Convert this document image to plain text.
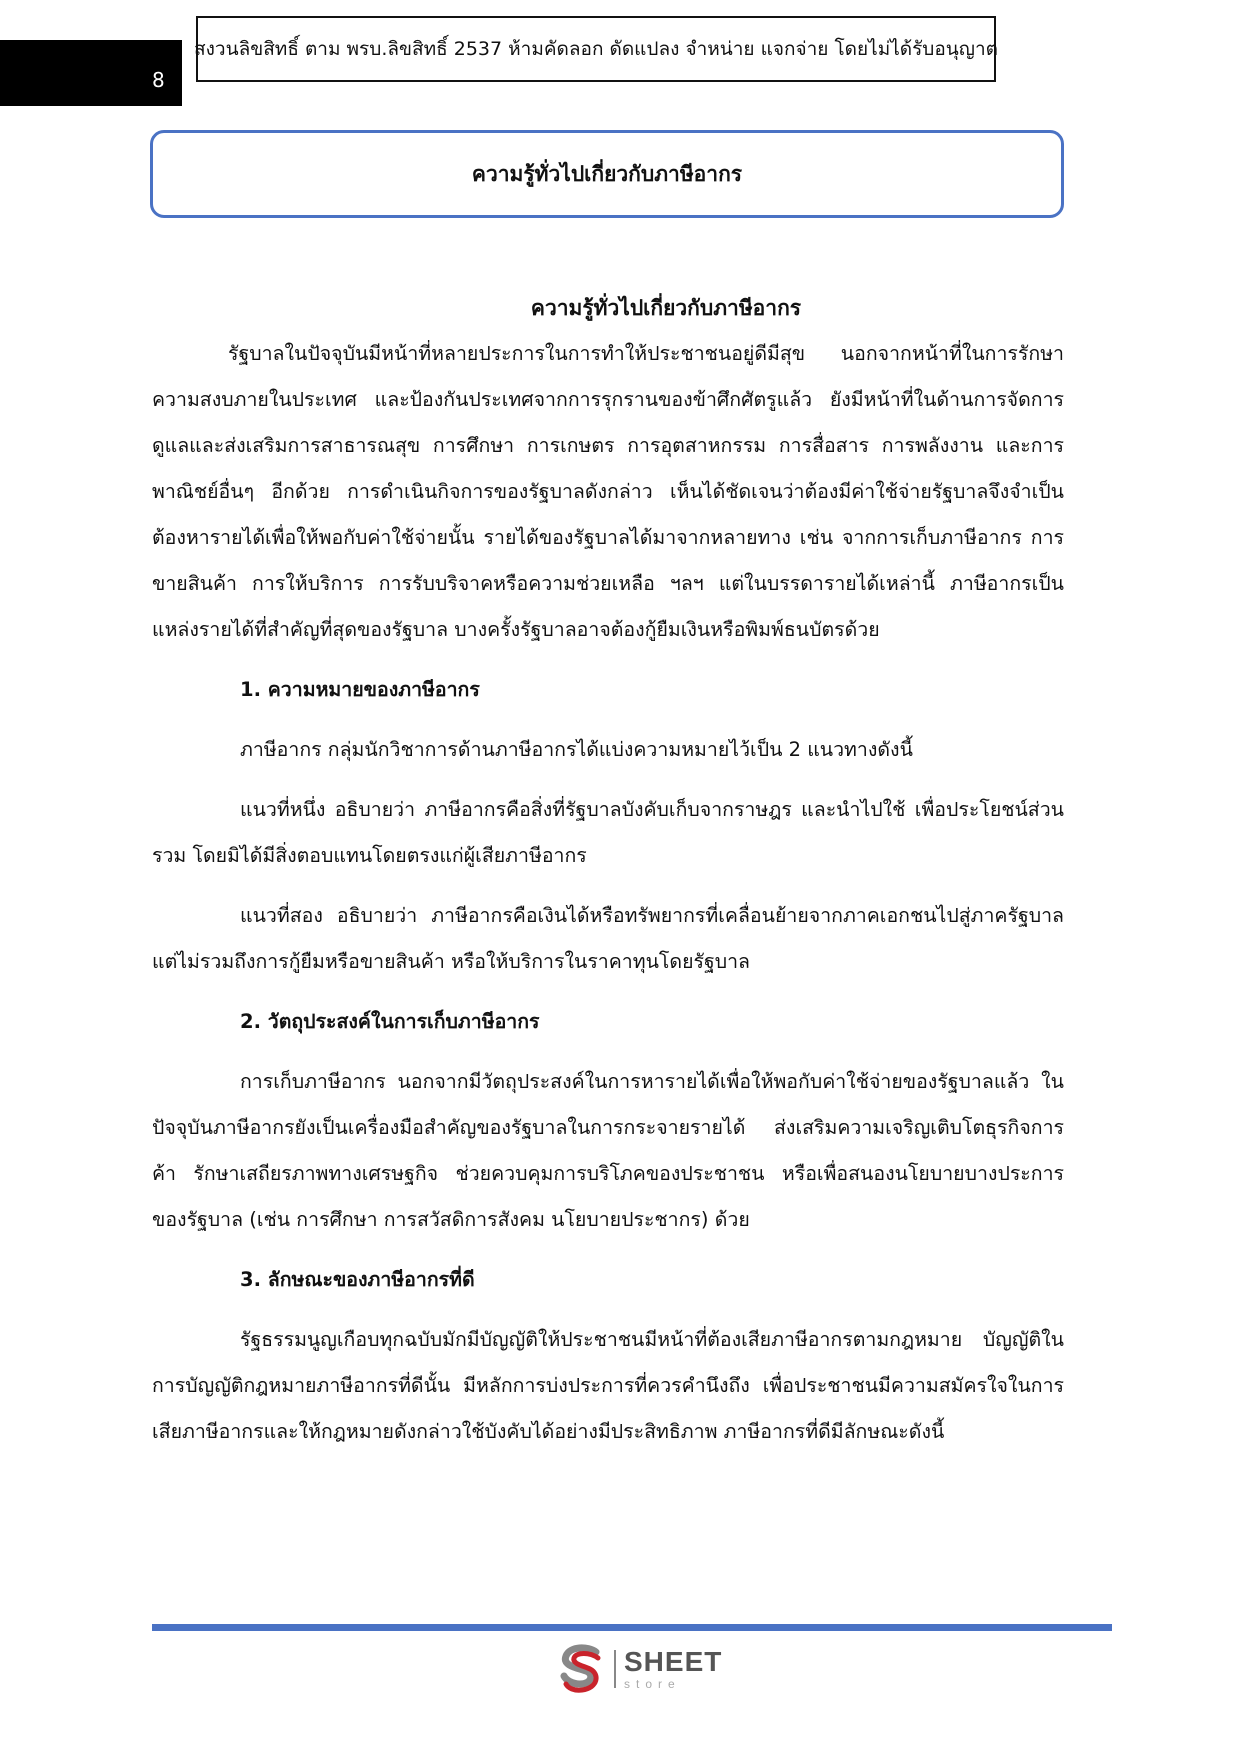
8
สงวนลิขสิทธิ์ ตาม พรบ.ลิขสิทธิ์ 2537 ห้ามคัดลอก ดัดแปลง จำหน่าย แจกจ่าย โดยไม่ได้รับอนุญาต
ความรู้ทั่วไปเกี่ยวกับภาษีอากร
ความรู้ทั่วไปเกี่ยวกับภาษีอากร

รัฐบาลในปัจจุบันมีหน้าที่หลายประการในการทำให้ประชาชนอยู่ดีมีสุข นอกจากหน้าที่ในการรักษาความสงบภายในประเทศ และป้องกันประเทศจากการรุกรานของข้าศึกศัตรูแล้ว ยังมีหน้าที่ในด้านการจัดการดูแลและส่งเสริมการสาธารณสุข การศึกษา การเกษตร การอุตสาหกรรม การสื่อสาร การพลังงาน และการพาณิชย์อื่นๆ อีกด้วย การดำเนินกิจการของรัฐบาลดังกล่าว เห็นได้ชัดเจนว่าต้องมีค่าใช้จ่ายรัฐบาลจึงจำเป็นต้องหารายได้เพื่อให้พอกับค่าใช้จ่ายนั้น รายได้ของรัฐบาลได้มาจากหลายทาง เช่น จากการเก็บภาษีอากร การขายสินค้า การให้บริการ การรับบริจาคหรือความช่วยเหลือ ฯลฯ แต่ในบรรดารายได้เหล่านี้ ภาษีอากรเป็นแหล่งรายได้ที่สำคัญที่สุดของรัฐบาล บางครั้งรัฐบาลอาจต้องกู้ยืมเงินหรือพิมพ์ธนบัตรด้วย

1. ความหมายของภาษีอากร

ภาษีอากร กลุ่มนักวิชาการด้านภาษีอากรได้แบ่งความหมายไว้เป็น 2 แนวทางดังนี้

แนวที่หนึ่ง อธิบายว่า ภาษีอากรคือสิ่งที่รัฐบาลบังคับเก็บจากราษฎร และนำไปใช้ เพื่อประโยชน์ส่วนรวม โดยมิได้มีสิ่งตอบแทนโดยตรงแก่ผู้เสียภาษีอากร

แนวที่สอง อธิบายว่า ภาษีอากรคือเงินได้หรือทรัพยากรที่เคลื่อนย้ายจากภาคเอกชนไปสู่ภาครัฐบาล แต่ไม่รวมถึงการกู้ยืมหรือขายสินค้า หรือให้บริการในราคาทุนโดยรัฐบาล

2. วัตถุประสงค์ในการเก็บภาษีอากร

การเก็บภาษีอากร นอกจากมีวัตถุประสงค์ในการหารายได้เพื่อให้พอกับค่าใช้จ่ายของรัฐบาลแล้ว ในปัจจุบันภาษีอากรยังเป็นเครื่องมือสำคัญของรัฐบาลในการกระจายรายได้ ส่งเสริมความเจริญเติบโตธุรกิจการค้า รักษาเสถียรภาพทางเศรษฐกิจ ช่วยควบคุมการบริโภคของประชาชน หรือเพื่อสนองนโยบายบางประการของรัฐบาล (เช่น การศึกษา การสวัสดิการสังคม นโยบายประชากร) ด้วย

3. ลักษณะของภาษีอากรที่ดี

รัฐธรรมนูญเกือบทุกฉบับมักมีบัญญัติให้ประชาชนมีหน้าที่ต้องเสียภาษีอากรตามกฎหมาย บัญญัติในการบัญญัติกฎหมายภาษีอากรที่ดีนั้น มีหลักการบ่งประการที่ควรคำนึงถึง เพื่อประชาชนมีความสมัครใจในการเสียภาษีอากรและให้กฎหมายดังกล่าวใช้บังคับได้อย่างมีประสิทธิภาพ ภาษีอากรที่ดีมีลักษณะดังนี้

SHEET
store
